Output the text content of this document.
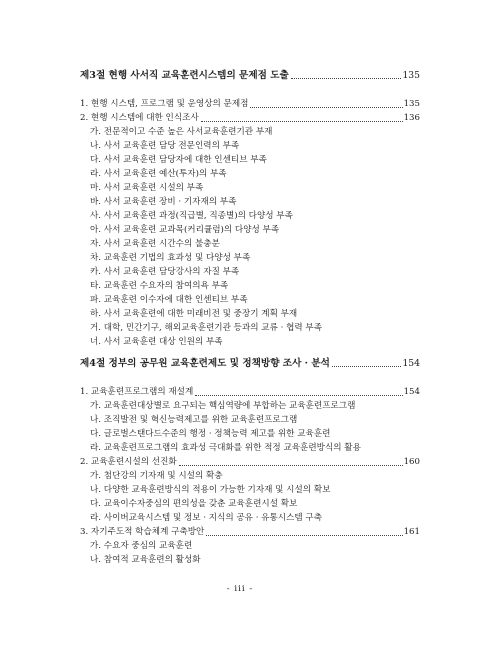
제3절 현행 사서직 교육훈련시스템의 문제점 도출	135
1. 현행 시스템, 프로그램 및 운영상의 문제점	135
2. 현행 시스템에 대한 인식조사	136
가. 전문적이고 수준 높은 사서교육훈련기관 부재
나. 사서 교육훈련 담당 전문인력의 부족
다. 사서 교육훈련 담당자에 대한 인센티브 부족
라. 사서 교육훈련 예산(투자)의 부족
마. 사서 교육훈련 시설의 부족
바. 사서 교육훈련 장비 · 기자재의 부족
사. 사서 교육훈련 과정(직급별, 직종별)의 다양성 부족
아. 사서 교육훈련 교과목(커리큘럼)의 다양성 부족
자. 사서 교육훈련 시간수의 불충분
차. 교육훈련 기법의 효과성 및 다양성 부족
카. 사서 교육훈련 담당강사의 자질 부족
타. 교육훈련 수요자의 참여의욕 부족
파. 교육훈련 이수자에 대한 인센티브 부족
하. 사서 교육훈련에 대한 미래비전 및 중장기 계획 부재
거. 대학, 민간기구, 해외교육훈련기관 등과의 교류 · 협력 부족
너. 사서 교육훈련 대상 인원의 부족
제4절 정부의 공무원 교육훈련제도 및 정책방향 조사 · 분석	154
1. 교육훈련프로그램의 재설계	154
가. 교육훈련대상별로 요구되는 핵심역량에 부합하는 교육훈련프로그램
나. 조직발전 및 혁신능력제고를 위한 교육훈련프로그램
다. 글로벌스탠다드수준의 행정 · 정책능력 제고를 위한 교육훈련
라. 교육훈련프로그램의 효과성 극대화를 위한 적정 교육훈련방식의 활용
2. 교육훈련시설의 선진화	160
가. 첨단강의 기자재 및 시설의 확충
나. 다양한 교육훈련방식의 적용이 가능한 기자재 및 시설의 확보
다. 교육이수자중심의 편의성을 갖춘 교육훈련시설 확보
라. 사이버교육시스템 및 정보 · 지식의 공유 · 유통시스템 구축
3. 자기주도적 학습체계 구축방안	161
가. 수요자 중심의 교육훈련
나. 참여적 교육훈련의 활성화
- iii -
